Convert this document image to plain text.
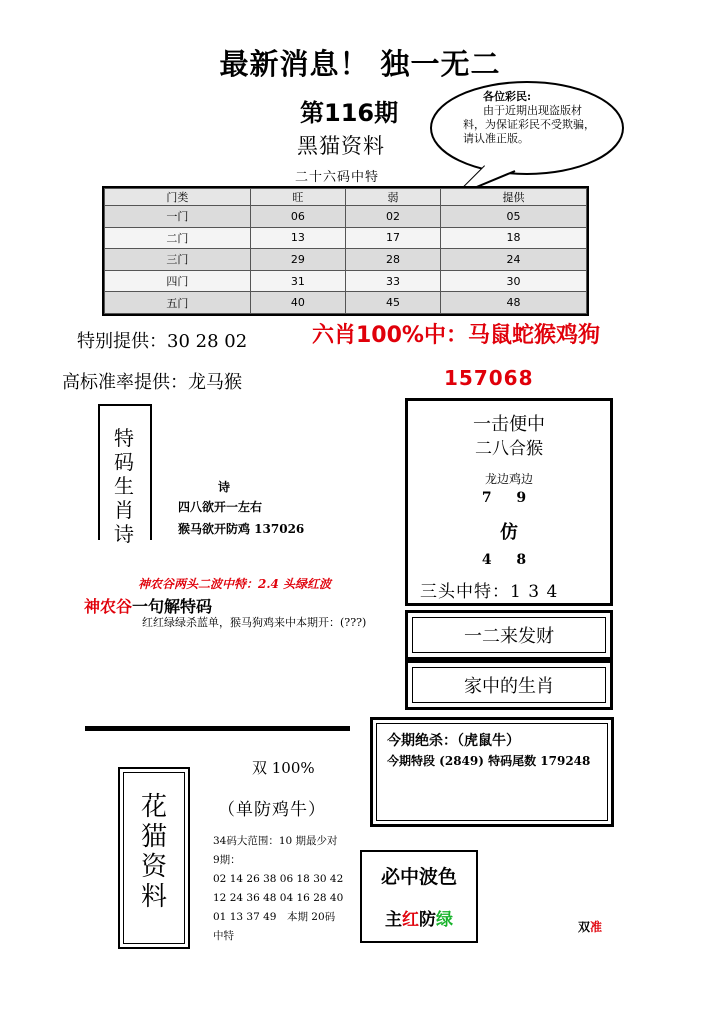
最新消息！ 独一无二
第116期
黑猫资料
二十六码中特
各位彩民:
由于近期出现盗版材料，为保证彩民不受欺骗，请认准正版。
门类	旺	弱	提供
一门	06	02	05
二门	13	17	18
三门	29	28	24
四门	31	33	30
五门	40	45	48
特别提供：30 28 02	六肖100%中：马鼠蛇猴鸡狗
高标准率提供：龙马猴	157068
特
码
生
肖
诗
诗
四八欲开一左右
猴马欲开防鸡 137026
一击便中
二八合猴
龙边鸡边
7 9
仿
4 8
三头中特：1 3 4
一二来发财
家中的生肖
神农谷两头二波中特：2.4 头绿红波
神农谷一句解特码
红红绿绿杀蓝单，猴马狗鸡来中本期开：(???)
花
猫
资
料
双 100%
（单防鸡牛）
34码大范围：10 期最少对
9期：
02 14 26 38 06 18 30 42
12 24 36 48 04 16 28 40
01 13 37 49　本期 20码
中特
今期绝杀：（虎鼠牛）
今期特段 (2849) 特码尾数 179248
必中波色
主红防绿	双准
